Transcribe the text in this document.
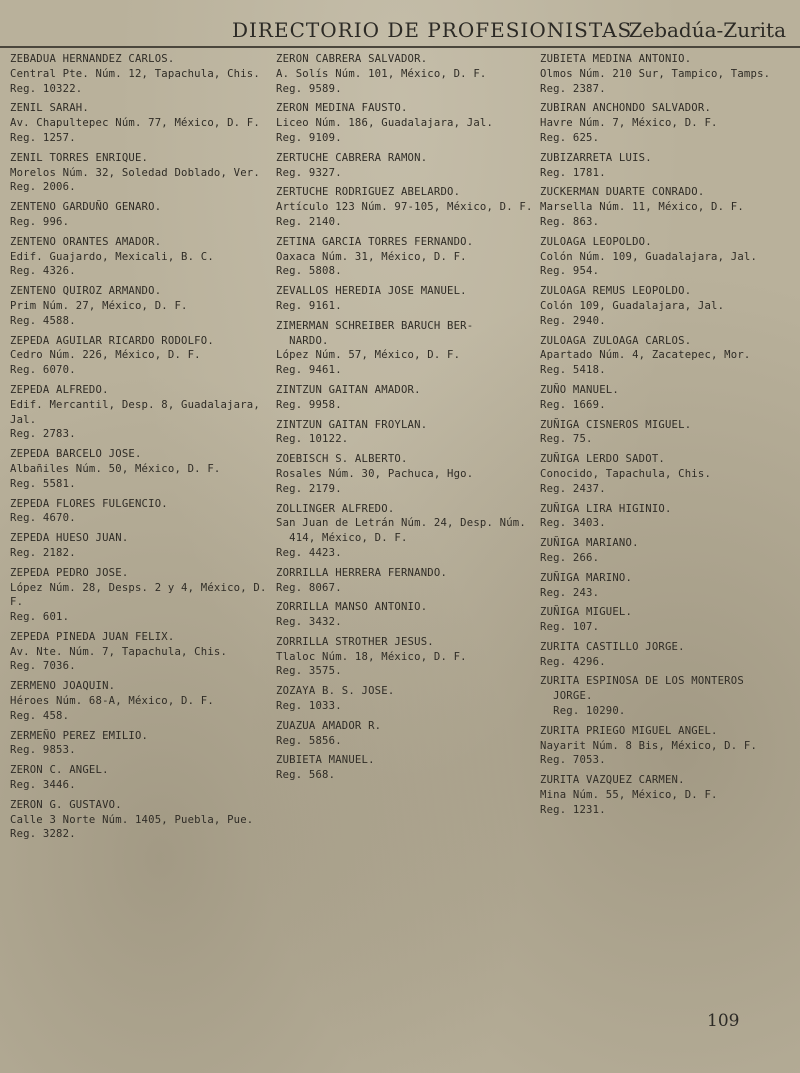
DIRECTORIO DE PROFESIONISTAS
Zebadúa-Zurita
ZEBADUA HERNANDEZ CARLOS.
Central Pte. Núm. 12, Tapachula, Chis.
Reg. 10322.
ZENIL SARAH.
Av. Chapultepec Núm. 77, México, D. F.
Reg. 1257.
ZENIL TORRES ENRIQUE.
Morelos Núm. 32, Soledad Doblado, Ver.
Reg. 2006.
ZENTENO GARDUÑO GENARO.
Reg. 996.
ZENTENO ORANTES AMADOR.
Edif. Guajardo, Mexicali, B. C.
Reg. 4326.
ZENTENO QUIROZ ARMANDO.
Prim Núm. 27, México, D. F.
Reg. 4588.
ZEPEDA AGUILAR RICARDO RODOLFO.
Cedro Núm. 226, México, D. F.
Reg. 6070.
ZEPEDA ALFREDO.
Edif. Mercantil, Desp. 8, Guadalajara, Jal.
Reg. 2783.
ZEPEDA BARCELO JOSE.
Albañiles Núm. 50, México, D. F.
Reg. 5581.
ZEPEDA FLORES FULGENCIO.
Reg. 4670.
ZEPEDA HUESO JUAN.
Reg. 2182.
ZEPEDA PEDRO JOSE.
López Núm. 28, Desps. 2 y 4, México, D. F.
Reg. 601.
ZEPEDA PINEDA JUAN FELIX.
Av. Nte. Núm. 7, Tapachula, Chis.
Reg. 7036.
ZERMENO JOAQUIN.
Héroes Núm. 68-A, México, D. F.
Reg. 458.
ZERMEÑO PEREZ EMILIO.
Reg. 9853.
ZERON C. ANGEL.
Reg. 3446.
ZERON G. GUSTAVO.
Calle 3 Norte Núm. 1405, Puebla, Pue.
Reg. 3282.
ZERON CABRERA SALVADOR.
A. Solís Núm. 101, México, D. F.
Reg. 9589.
ZERON MEDINA FAUSTO.
Liceo Núm. 186, Guadalajara, Jal.
Reg. 9109.
ZERTUCHE CABRERA RAMON.
Reg. 9327.
ZERTUCHE RODRIGUEZ ABELARDO.
Artículo 123 Núm. 97-105, México, D. F.
Reg. 2140.
ZETINA GARCIA TORRES FERNANDO.
Oaxaca Núm. 31, México, D. F.
Reg. 5808.
ZEVALLOS HEREDIA JOSE MANUEL.
Reg. 9161.
ZIMERMAN SCHREIBER BARUCH BER-
NARDO.
López Núm. 57, México, D. F.
Reg. 9461.
ZINTZUN GAITAN AMADOR.
Reg. 9958.
ZINTZUN GAITAN FROYLAN.
Reg. 10122.
ZOEBISCH S. ALBERTO.
Rosales Núm. 30, Pachuca, Hgo.
Reg. 2179.
ZOLLINGER ALFREDO.
San Juan de Letrán Núm. 24, Desp. Núm.
414, México, D. F.
Reg. 4423.
ZORRILLA HERRERA FERNANDO.
Reg. 8067.
ZORRILLA MANSO ANTONIO.
Reg. 3432.
ZORRILLA STROTHER JESUS.
Tlaloc Núm. 18, México, D. F.
Reg. 3575.
ZOZAYA B. S. JOSE.
Reg. 1033.
ZUAZUA AMADOR R.
Reg. 5856.
ZUBIETA MANUEL.
Reg. 568.
ZUBIETA MEDINA ANTONIO.
Olmos Núm. 210 Sur, Tampico, Tamps.
Reg. 2387.
ZUBIRAN ANCHONDO SALVADOR.
Havre Núm. 7, México, D. F.
Reg. 625.
ZUBIZARRETA LUIS.
Reg. 1781.
ZUCKERMAN DUARTE CONRADO.
Marsella Núm. 11, México, D. F.
Reg. 863.
ZULOAGA LEOPOLDO.
Colón Núm. 109, Guadalajara, Jal.
Reg. 954.
ZULOAGA REMUS LEOPOLDO.
Colón 109, Guadalajara, Jal.
Reg. 2940.
ZULOAGA ZULOAGA CARLOS.
Apartado Núm. 4, Zacatepec, Mor.
Reg. 5418.
ZUÑO MANUEL.
Reg. 1669.
ZUÑIGA CISNEROS MIGUEL.
Reg. 75.
ZUÑIGA LERDO SADOT.
Conocido, Tapachula, Chis.
Reg. 2437.
ZUÑIGA LIRA HIGINIO.
Reg. 3403.
ZUÑIGA MARIANO.
Reg. 266.
ZUÑIGA MARINO.
Reg. 243.
ZUÑIGA MIGUEL.
Reg. 107.
ZURITA CASTILLO JORGE.
Reg. 4296.
ZURITA ESPINOSA DE LOS MONTEROS
JORGE.
Reg. 10290.
ZURITA PRIEGO MIGUEL ANGEL.
Nayarit Núm. 8 Bis, México, D. F.
Reg. 7053.
ZURITA VAZQUEZ CARMEN.
Mina Núm. 55, México, D. F.
Reg. 1231.
109
